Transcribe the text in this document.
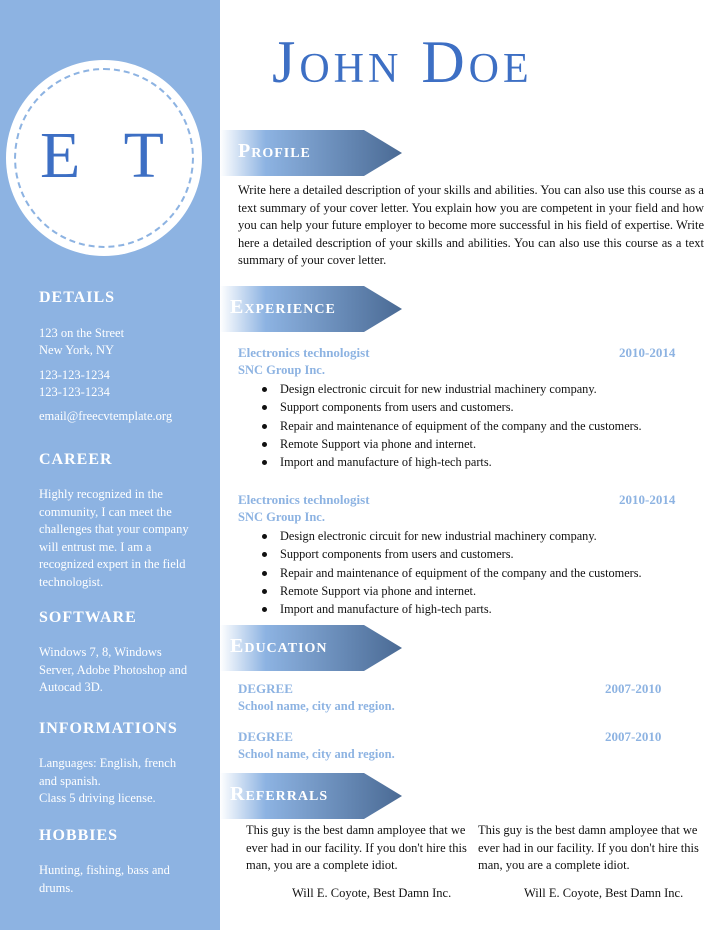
E T
DETAILS
123 on the Street
New York, NY
123-123-1234
123-123-1234
email@freecvtemplate.org
CAREER
Highly recognized in the community, I can meet the challenges that your company will entrust me. I am a recognized expert in the field technologist.
SOFTWARE
Windows 7, 8, Windows Server, Adobe Photoshop and Autocad 3D.
INFORMATIONS
Languages: English, french and spanish.
Class 5 driving license.
HOBBIES
Hunting, fishing, bass and drums.
John Doe
Profile
Write here a detailed description of your skills and abilities. You can also use this course as a text summary of your cover letter. You explain how you are competent in your field and how you can help your future employer to become more successful in his field of expertise. Write here a detailed description of your skills and abilities. You can also use this course as a text summary of your cover letter.
Experience
Electronics technologist	2010-2014
SNC Group Inc.
Design electronic circuit for new industrial machinery company.
Support components from users and customers.
Repair and maintenance of equipment of the company and the customers.
Remote Support via phone and internet.
Import and manufacture of high-tech parts.
Electronics technologist	2010-2014
SNC Group Inc.
Design electronic circuit for new industrial machinery company.
Support components from users and customers.
Repair and maintenance of equipment of the company and the customers.
Remote Support via phone and internet.
Import and manufacture of high-tech parts.
Education
DEGREE	2007-2010
School name, city and region.
DEGREE	2007-2010
School name, city and region.
Referrals
This guy is the best damn amployee that we ever had in our facility. If you don't hire this man, you are a complete idiot.
Will E. Coyote, Best Damn Inc.
This guy is the best damn amployee that we ever had in our facility. If you don't hire this man, you are a complete idiot.
Will E. Coyote, Best Damn Inc.
